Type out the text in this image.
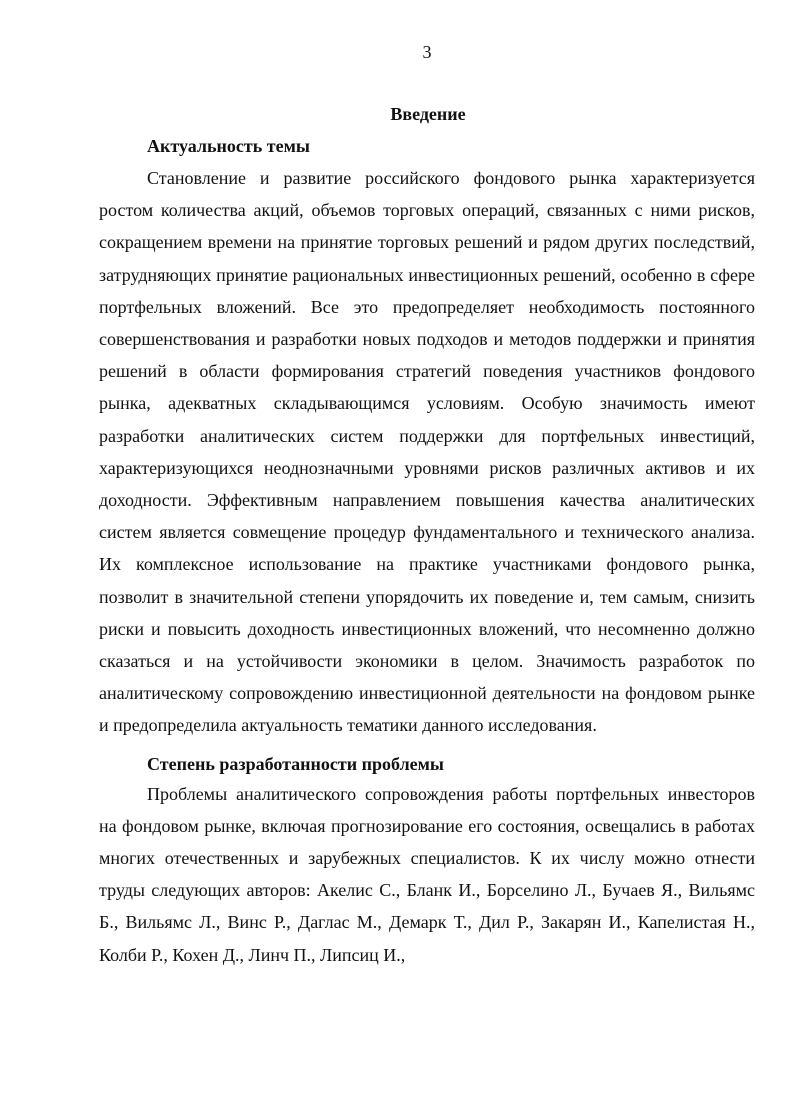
3
Введение
Актуальность темы

Становление и развитие российского фондового рынка характеризуется ростом количества акций, объемов торговых операций, связанных с ними рисков, сокращением времени на принятие торговых решений и рядом других последствий, затрудняющих принятие рациональных инвестиционных решений, особенно в сфере портфельных вложений. Все это предопределяет необходимость постоянного совершенствования и разработки новых подходов и методов поддержки и принятия решений в области формирования стратегий поведения участников фондового рынка, адекватных складывающимся условиям. Особую значимость имеют разработки аналитических систем поддержки для портфельных инвестиций, характеризующихся неоднозначными уровнями рисков различных активов и их доходности. Эффективным направлением повышения качества аналитических систем является совмещение процедур фундаментального и технического анализа. Их комплексное использование на практике участниками фондового рынка, позволит в значительной степени упорядочить их поведение и, тем самым, снизить риски и повысить доходность инвестиционных вложений, что несомненно должно сказаться и на устойчивости экономики в целом. Значимость разработок по аналитическому сопровождению инвестиционной деятельности на фондовом рынке и предопределила актуальность тематики данного исследования.

Степень разработанности проблемы

Проблемы аналитического сопровождения работы портфельных инвесторов на фондовом рынке, включая прогнозирование его состояния, освещались в работах многих отечественных и зарубежных специалистов. К их числу можно отнести труды следующих авторов: Акелис С., Бланк И., Борселино Л., Бучаев Я., Вильямс Б., Вильямс Л., Винс Р., Даглас М., Демарк Т., Дил Р., Закарян И., Капелистая Н., Колби Р., Кохен Д., Линч П., Липсиц И.,
